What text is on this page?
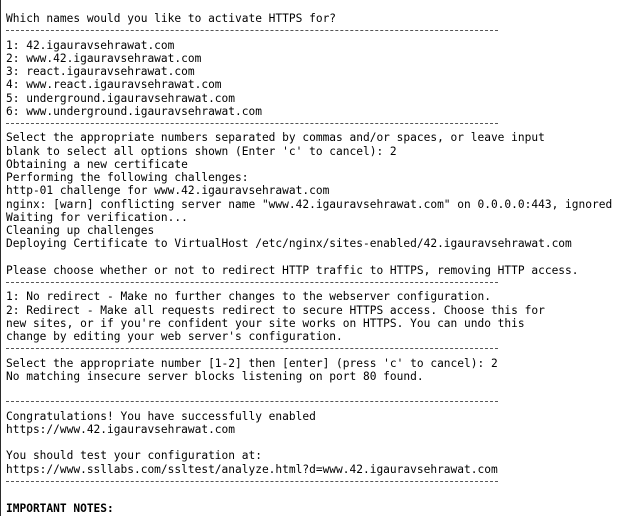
Which names would you like to activate HTTPS for?
1: 42.igauravsehrawat.com
2: www.42.igauravsehrawat.com
3: react.igauravsehrawat.com
4: www.react.igauravsehrawat.com
5: underground.igauravsehrawat.com
6: www.underground.igauravsehrawat.com
Select the appropriate numbers separated by commas and/or spaces, or leave input
blank to select all options shown (Enter 'c' to cancel): 2
Obtaining a new certificate
Performing the following challenges:
http-01 challenge for www.42.igauravsehrawat.com
nginx: [warn] conflicting server name "www.42.igauravsehrawat.com" on 0.0.0.0:443, ignored
Waiting for verification...
Cleaning up challenges
Deploying Certificate to VirtualHost /etc/nginx/sites-enabled/42.igauravsehrawat.com
Please choose whether or not to redirect HTTP traffic to HTTPS, removing HTTP access.
1: No redirect - Make no further changes to the webserver configuration.
2: Redirect - Make all requests redirect to secure HTTPS access. Choose this for
new sites, or if you're confident your site works on HTTPS. You can undo this
change by editing your web server's configuration.
Select the appropriate number [1-2] then [enter] (press 'c' to cancel): 2
No matching insecure server blocks listening on port 80 found.
Congratulations! You have successfully enabled
https://www.42.igauravsehrawat.com
You should test your configuration at:
https://www.ssllabs.com/ssltest/analyze.html?d=www.42.igauravsehrawat.com
IMPORTANT NOTES:
